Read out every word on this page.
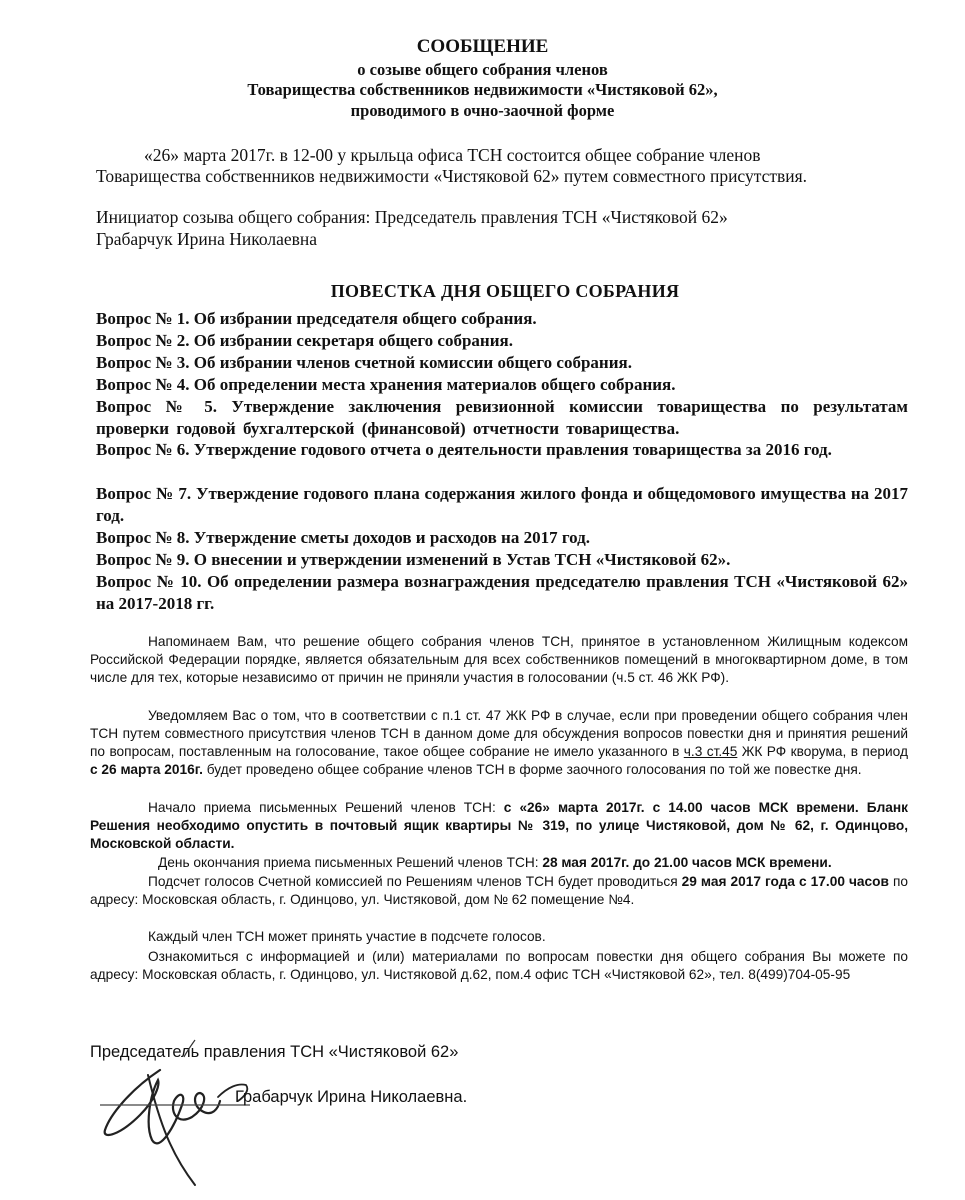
СООБЩЕНИЕ
о созыве общего собрания членов
Товарищества собственников недвижимости «Чистяковой 62»,
проводимого в очно-заочной форме
«26» марта 2017г. в 12-00 у крыльца офиса ТСН состоится общее собрание членов
Товарищества собственников недвижимости «Чистяковой 62» путем совместного присутствия.
Инициатор созыва общего собрания: Председатель правления ТСН «Чистяковой 62»
Грабарчук Ирина Николаевна
ПОВЕСТКА ДНЯ ОБЩЕГО СОБРАНИЯ
Вопрос № 1. Об избрании председателя общего собрания.
Вопрос № 2. Об избрании секретаря общего собрания.
Вопрос № 3. Об избрании членов счетной комиссии общего собрания.
Вопрос № 4. Об определении места хранения материалов общего собрания.
Вопрос № 5. Утверждение заключения ревизионной комиссии товарищества по результатам проверки годовой бухгалтерской (финансовой) отчетности товарищества.
Вопрос № 6. Утверждение годового отчета о деятельности правления товарищества за 2016 год.
Вопрос № 7. Утверждение годового плана содержания жилого фонда и общедомового имущества на 2017 год.
Вопрос № 8. Утверждение сметы доходов и расходов на 2017 год.
Вопрос № 9. О внесении и утверждении изменений в Устав ТСН «Чистяковой 62».
Вопрос № 10. Об определении размера вознаграждения председателю правления ТСН «Чистяковой 62» на 2017-2018 гг.
Напоминаем Вам, что решение общего собрания членов ТСН, принятое в установленном Жилищным кодексом Российской Федерации порядке, является обязательным для всех собственников помещений в многоквартирном доме, в том числе для тех, которые независимо от причин не приняли участия в голосовании (ч.5 ст. 46 ЖК РФ).
Уведомляем Вас о том, что в соответствии с п.1 ст. 47 ЖК РФ в случае, если при проведении общего собрания член ТСН путем совместного присутствия членов ТСН в данном доме для обсуждения вопросов повестки дня и принятия решений по вопросам, поставленным на голосование, такое общее собрание не имело указанного в ч.3 ст.45 ЖК РФ кворума, в период с 26 марта 2016г. будет проведено общее собрание членов ТСН в форме заочного голосования по той же повестке дня.
Начало приема письменных Решений членов ТСН: с «26» марта 2017г. с 14.00 часов МСК времени. Бланк Решения необходимо опустить в почтовый ящик квартиры № 319, по улице Чистяковой, дом № 62, г. Одинцово, Московской области.
День окончания приема письменных Решений членов ТСН: 28 мая 2017г. до 21.00 часов МСК времени.
Подсчет голосов Счетной комиссией по Решениям членов ТСН будет проводиться 29 мая 2017 года с 17.00 часов по адресу: Московская область, г. Одинцово, ул. Чистяковой, дом № 62 помещение №4.
Каждый член ТСН может принять участие в подсчете голосов.
Ознакомиться с информацией и (или) материалами по вопросам повестки дня общего собрания Вы можете по адресу: Московская область, г. Одинцово, ул. Чистяковой д.62, пом.4 офис ТСН «Чистяковой 62», тел. 8(499)704-05-95
Председатель правления ТСН «Чистяковой 62»
Грабарчук Ирина Николаевна.
